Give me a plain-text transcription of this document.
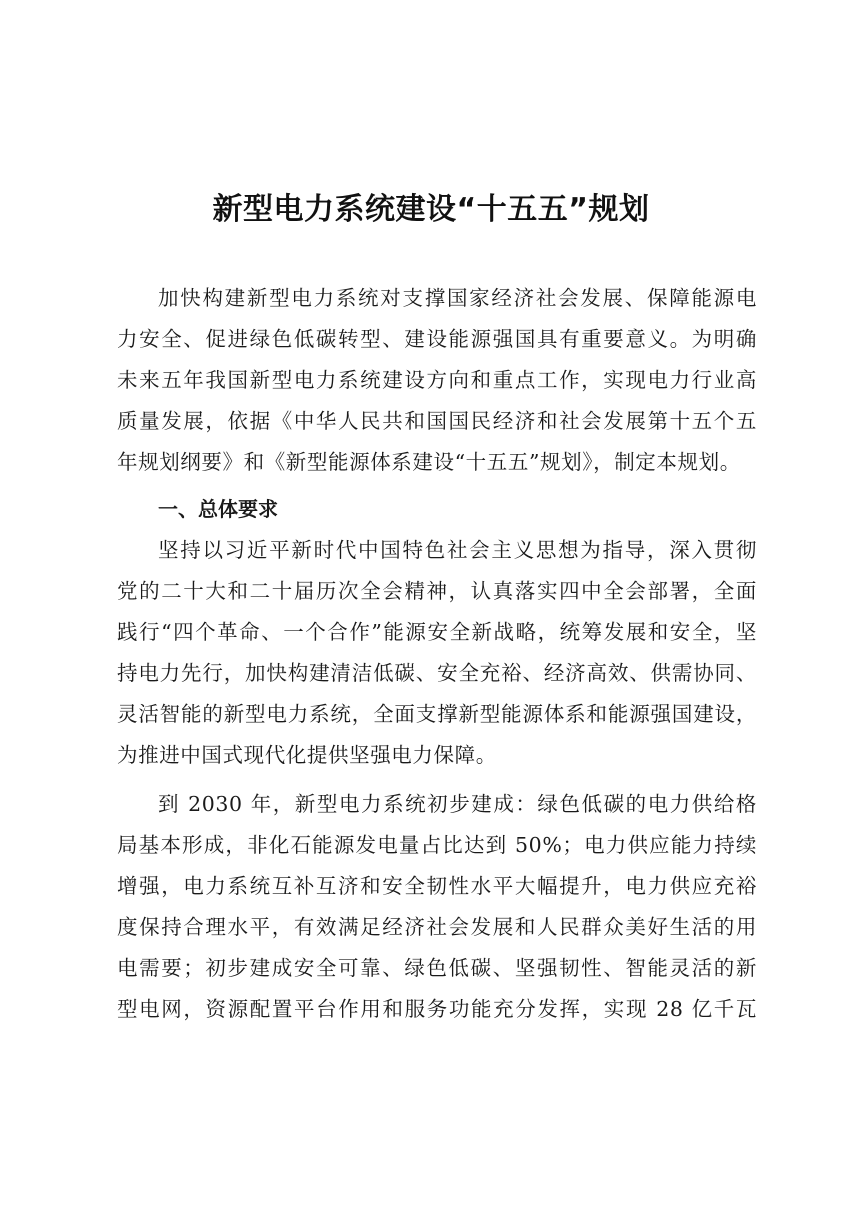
新型电力系统建设“十五五”规划
加快构建新型电力系统对支撑国家经济社会发展、保障能源电
力安全、促进绿色低碳转型、建设能源强国具有重要意义。为明确
未来五年我国新型电力系统建设方向和重点工作，实现电力行业高
质量发展，依据《中华人民共和国国民经济和社会发展第十五个五
年规划纲要》和《新型能源体系建设“十五五”规划》，制定本规划。
一、总体要求
坚持以习近平新时代中国特色社会主义思想为指导，深入贯彻
党的二十大和二十届历次全会精神，认真落实四中全会部署，全面
践行“四个革命、一个合作”能源安全新战略，统筹发展和安全，坚
持电力先行，加快构建清洁低碳、安全充裕、经济高效、供需协同、
灵活智能的新型电力系统，全面支撑新型能源体系和能源强国建设，
为推进中国式现代化提供坚强电力保障。
到 2030 年，新型电力系统初步建成：绿色低碳的电力供给格
局基本形成，非化石能源发电量占比达到 50%；电力供应能力持续
增强，电力系统互补互济和安全韧性水平大幅提升，电力供应充裕
度保持合理水平，有效满足经济社会发展和人民群众美好生活的用
电需要；初步建成安全可靠、绿色低碳、坚强韧性、智能灵活的新
型电网，资源配置平台作用和服务功能充分发挥，实现 28 亿千瓦
